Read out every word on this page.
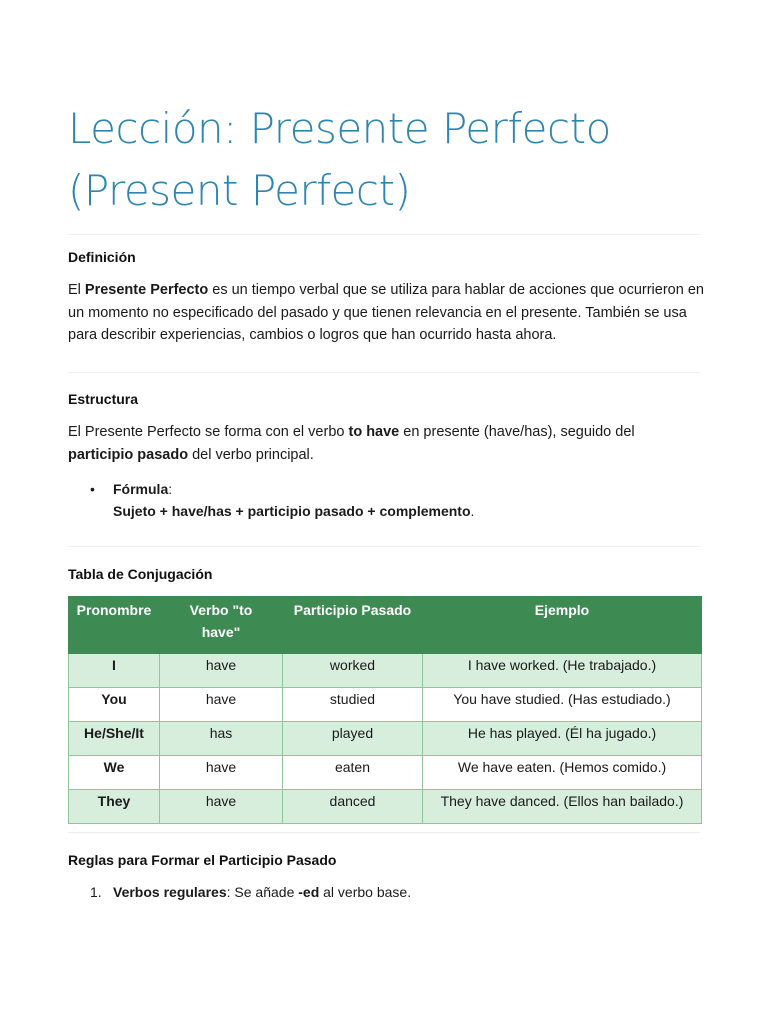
Lección: Presente Perfecto (Present Perfect)
Definición

El Presente Perfecto es un tiempo verbal que se utiliza para hablar de acciones que ocurrieron en un momento no especificado del pasado y que tienen relevancia en el presente. También se usa para describir experiencias, cambios o logros que han ocurrido hasta ahora.

Estructura

El Presente Perfecto se forma con el verbo to have en presente (have/has), seguido del participio pasado del verbo principal.

• Fórmula:
Sujeto + have/has + participio pasado + complemento.
Tabla de Conjugación
Pronombre	Verbo "to have"	Participio Pasado	Ejemplo
I	have	worked	I have worked. (He trabajado.)
You	have	studied	You have studied. (Has estudiado.)
He/She/It	has	played	He has played. (Él ha jugado.)
We	have	eaten	We have eaten. (Hemos comido.)
They	have	danced	They have danced. (Ellos han bailado.)
Reglas para Formar el Participio Pasado
1. Verbos regulares: Se añade -ed al verbo base.
